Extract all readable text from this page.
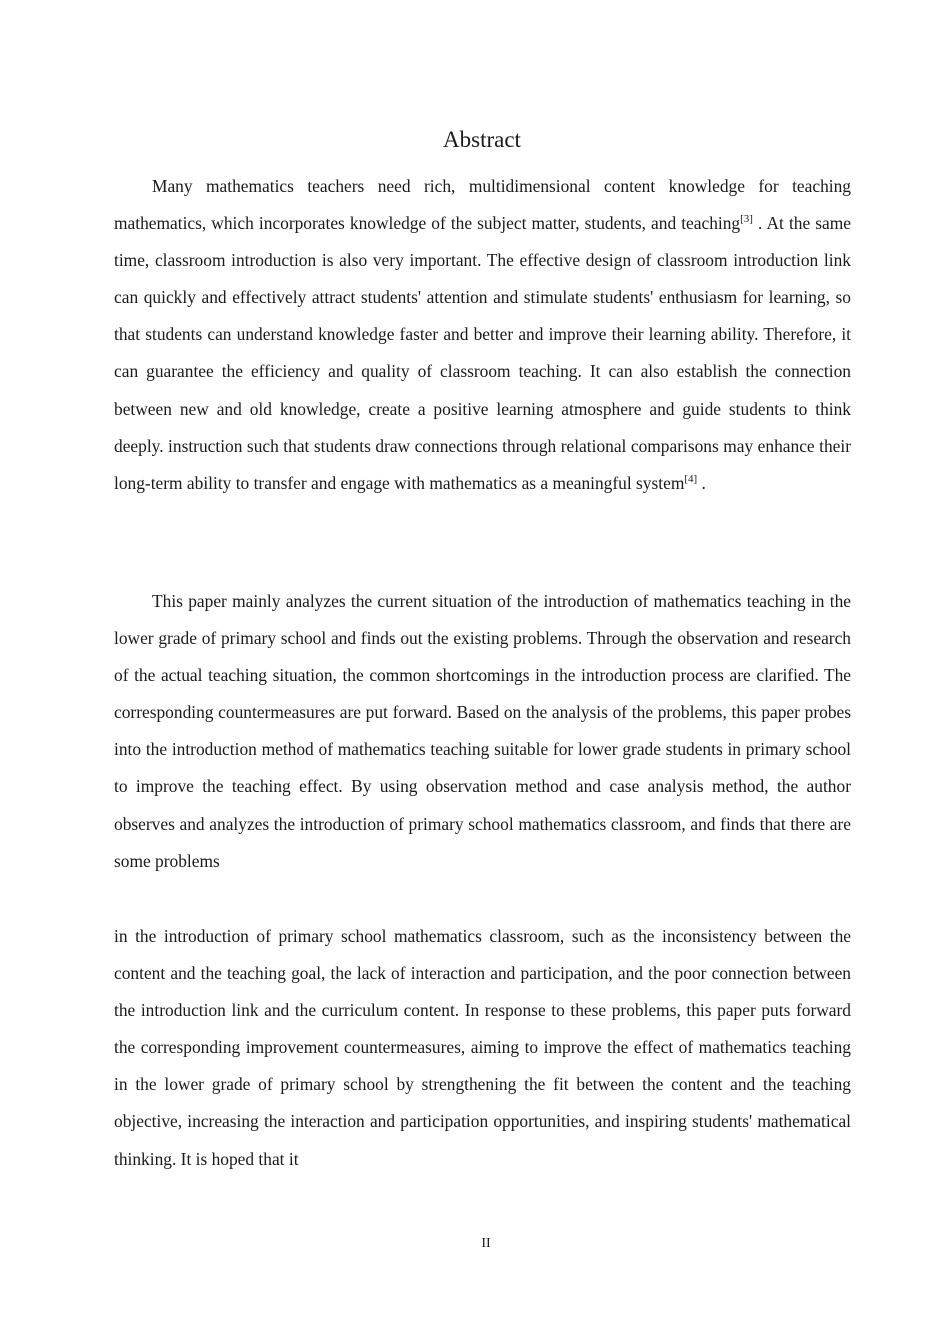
Abstract

Many mathematics teachers need rich, multidimensional content knowledge for teaching mathematics, which incorporates knowledge of the subject matter, students, and teaching[3] . At the same time, classroom introduction is also very important. The effective design of classroom introduction link can quickly and effectively attract students' attention and stimulate students' enthusiasm for learning, so that students can understand knowledge faster and better and improve their learning ability. Therefore, it can guarantee the efficiency and quality of classroom teaching. It can also establish the connection between new and old knowledge, create a positive learning atmosphere and guide students to think deeply. instruction such that students draw connections through relational comparisons may enhance their long-term ability to transfer and engage with mathematics as a meaningful system[4] .

This paper mainly analyzes the current situation of the introduction of mathematics teaching in the lower grade of primary school and finds out the existing problems. Through the observation and research of the actual teaching situation, the common shortcomings in the introduction process are clarified. The corresponding countermeasures are put forward. Based on the analysis of the problems, this paper probes into the introduction method of mathematics teaching suitable for lower grade students in primary school to improve the teaching effect. By using observation method and case analysis method, the author observes and analyzes the introduction of primary school mathematics classroom, and finds that there are some problems

in the introduction of primary school mathematics classroom, such as the inconsistency between the content and the teaching goal, the lack of interaction and participation, and the poor connection between the introduction link and the curriculum content. In response to these problems, this paper puts forward the corresponding improvement countermeasures, aiming to improve the effect of mathematics teaching in the lower grade of primary school by strengthening the fit between the content and the teaching objective, increasing the interaction and participation opportunities, and inspiring students' mathematical thinking. It is hoped that it

II
